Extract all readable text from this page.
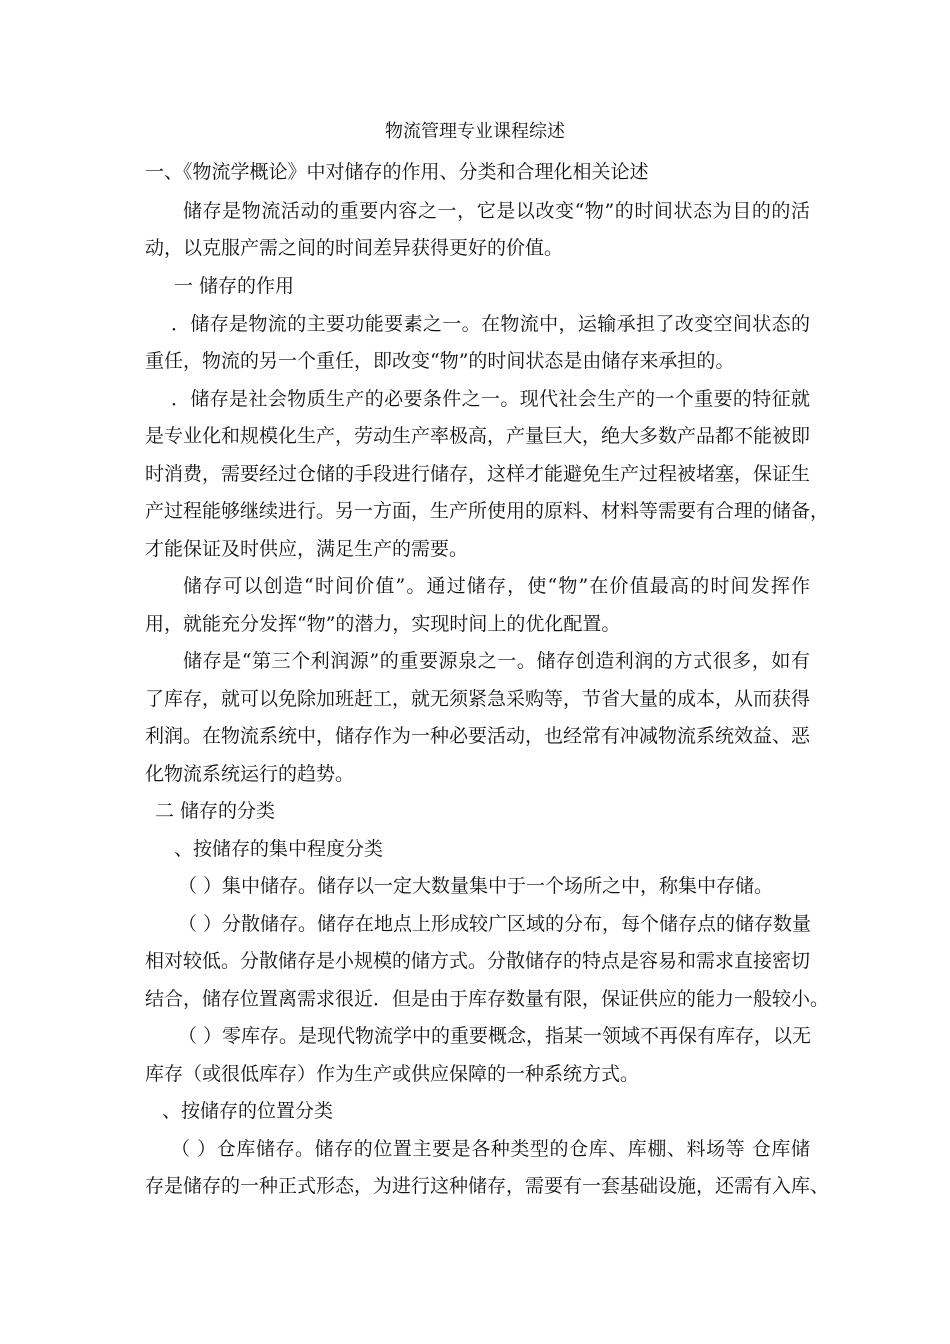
物流管理专业课程综述
一、《物流学概论》中对储存的作用、分类和合理化相关论述
储存是物流活动的重要内容之一，它是以改变“物”的时间状态为目的的活
动，以克服产需之间的时间差异获得更好的价值。
一 储存的作用
．储存是物流的主要功能要素之一。在物流中，运输承担了改变空间状态的
重任，物流的另一个重任，即改变“物”的时间状态是由储存来承担的。
．储存是社会物质生产的必要条件之一。现代社会生产的一个重要的特征就
是专业化和规模化生产，劳动生产率极高，产量巨大，绝大多数产品都不能被即
时消费，需要经过仓储的手段进行储存，这样才能避免生产过程被堵塞，保证生
产过程能够继续进行。另一方面，生产所使用的原料、材料等需要有合理的储备，
才能保证及时供应，满足生产的需要。
储存可以创造“时间价值”。通过储存，使“物”在价值最高的时间发挥作
用，就能充分发挥“物”的潜力，实现时间上的优化配置。
储存是“第三个利润源”的重要源泉之一。储存创造利润的方式很多，如有
了库存，就可以免除加班赶工，就无须紧急采购等，节省大量的成本，从而获得
利润。在物流系统中，储存作为一种必要活动，也经常有冲减物流系统效益、恶
化物流系统运行的趋势。
二 储存的分类
、按储存的集中程度分类
（ ）集中储存。储存以一定大数量集中于一个场所之中，称集中存储。
（ ）分散储存。储存在地点上形成较广区域的分布，每个储存点的储存数量
相对较低。分散储存是小规模的储方式。分散储存的特点是容易和需求直接密切
结合，储存位置离需求很近．但是由于库存数量有限，保证供应的能力一般较小。
（ ）零库存。是现代物流学中的重要概念，指某一领域不再保有库存，以无
库存（或很低库存）作为生产或供应保障的一种系统方式。
、按储存的位置分类
（ ）仓库储存。储存的位置主要是各种类型的仓库、库棚、料场等 仓库储
存是储存的一种正式形态，为进行这种储存，需要有一套基础设施，还需有入库、
